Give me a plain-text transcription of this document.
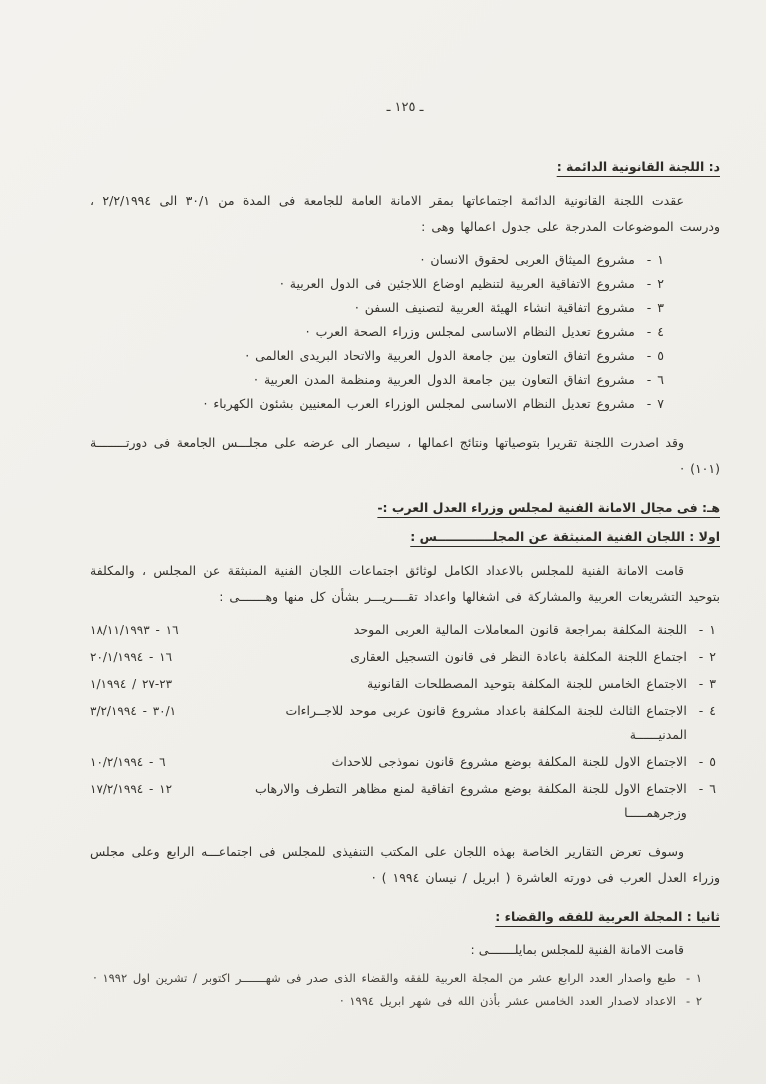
ـ ١٢٥ ـ
د: اللجنة القانونية الدائمة :

عقدت اللجنة القانونية الدائمة اجتماعاتها بمقر الامانة العامة للجامعة فى المدة من ٣٠/١ الى ٢/٢/١٩٩٤ ، ودرست الموضوعات المدرجة على جدول اعمالها وهى :

١ -
مشروع الميثاق العربى لحقوق الانسان ·
٢ -
مشروع الاتفاقية العربية لتنظيم اوضاع اللاجئين فى الدول العربية ·
٣ -
مشروع اتفاقية انشاء الهيئة العربية لتصنيف السفن ·
٤ -
مشروع تعديل النظام الاساسى لمجلس وزراء الصحة العرب ·
٥ -
مشروع اتفاق التعاون بين جامعة الدول العربية والاتحاد البريدى العالمى ·
٦ -
مشروع اتفاق التعاون بين جامعة الدول العربية ومنظمة المدن العربية ·
٧ -
مشروع تعديل النظام الاساسى لمجلس الوزراء العرب المعنيين بشئون الكهرباء ·

وقد اصدرت اللجنة تقريرا بتوصياتها ونتائج اعمالها ، سيصار الى عرضه على مجلـــس الجامعة فى دورتــــــــة (١٠١) ·

هـ: فى مجال الامانة الفنية لمجلس وزراء العدل العرب :-
اولا : اللجان الفنية المنبثقة عن المجلـــــــــــــس :

قامت الامانة الفنية للمجلس بالاعداد الكامل لوثائق اجتماعات اللجان الفنية المنبثقة عن المجلس ، والمكلفة بتوحيد التشريعات العربية والمشاركة فى اشغالها واعداد تقــــريـــر بشأن كل منها وهـــــــى :

١ -
اللجنة المكلفة بمراجعة قانون المعاملات المالية العربى الموحد
١٦ - ١٨/١١/١٩٩٣
٢ -
اجتماع اللجنة المكلفة باعادة النظر فى قانون التسجيل العقارى
١٦ - ٢٠/١/١٩٩٤
٣ -
الاجتماع الخامس للجنة المكلفة بتوحيد المصطلحات القانونية
٢٣-٢٧ / ١/١٩٩٤
٤ -
الاجتماع الثالث للجنة المكلفة باعداد مشروع قانون عربى موحد للاجــراءات المدنيــــــة
٣٠/١ - ٣/٢/١٩٩٤
٥ -
الاجتماع الاول للجنة المكلفة بوضع مشروع قانون نموذجى للاحداث
٦ - ١٠/٢/١٩٩٤
٦ -
الاجتماع الاول للجنة المكلفة بوضع مشروع اتفاقية لمنع مظاهر التطرف والارهاب وزجرهمـــــا
١٢ - ١٧/٢/١٩٩٤

وسوف تعرض التقارير الخاصة بهذه اللجان على المكتب التنفيذى للمجلس فى اجتماعـــه الرابع وعلى مجلس وزراء العدل العرب فى دورته العاشرة ( ابريل / نيسان ١٩٩٤ ) ·

ثانيا : المجلة العربية للفقه والقضاء :
قامت الامانة الفنية للمجلس بمايلـــــــى :
١ -
طبع واصدار العدد الرابع عشر من المجلة العربية للفقه والقضاء الذى صدر فى شهـــــــر اكتوبر / تشرين اول ١٩٩٢ ·
٢ -
الاعداد لاصدار العدد الخامس عشر بأذن الله فى شهر ابريل ١٩٩٤ ·
